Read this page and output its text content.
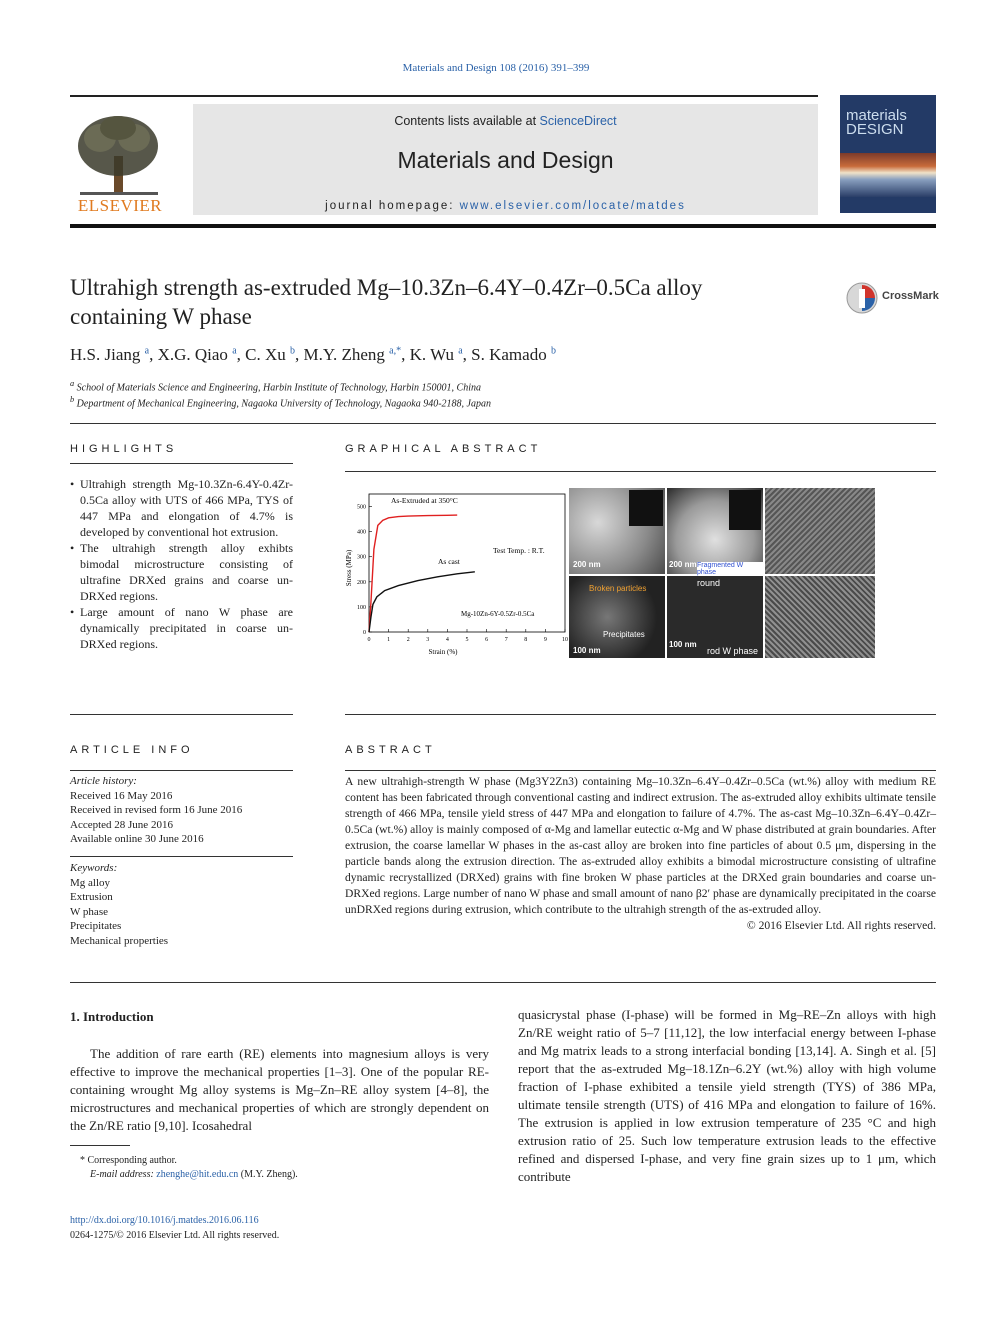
Materials and Design 108 (2016) 391–399
ELSEVIER
Contents lists available at ScienceDirect
Materials and Design
journal homepage: www.elsevier.com/locate/matdes
materials DESIGN
Ultrahigh strength as-extruded Mg–10.3Zn–6.4Y–0.4Zr–0.5Ca alloy containing W phase
CrossMark
H.S. Jiang $^a$, X.G. Qiao $^a$, C. Xu $^b$, M.Y. Zheng $^{a,*}$, K. Wu $^a$, S. Kamado $^b$
$^a$ School of Materials Science and Engineering, Harbin Institute of Technology, Harbin 150001, China
$^b$ Department of Mechanical Engineering, Nagaoka University of Technology, Nagaoka 940-2188, Japan
HIGHLIGHTS

• Ultrahigh strength Mg-10.3Zn-6.4Y-0.4Zr-0.5Ca alloy with UTS of 466 MPa, TYS of 447 MPa and elongation of 4.7% is developed by conventional hot extrusion.

• The ultrahigh strength alloy exhibts bimodal microstructure consisting of ultrafine DRXed grains and coarse un-DRXed regions.

• Large amount of nano W phase are dynamically precipitated in coarse un-DRXed regions.

GRAPHICAL ABSTRACT
0	1	2	3	4	5	6	7	8	9	10
0
100
200
300
400
500
As-Extruded at 350°C
As cast
Test Temp. : R.T.
Mg-10Zn-6Y-0.5Zr-0.5Ca
Strain (%)
Stress (MPa)	200 nm	200 nm Fragmented W phase
Broken particles
Precipitates
100 nm
round
100 nm
rod W phase
ARTICLE INFO
Article history:
Received 16 May 2016
Received in revised form 16 June 2016
Accepted 28 June 2016
Available online 30 June 2016
Keywords:
Mg alloy
Extrusion
W phase
Precipitates
Mechanical properties
ABSTRACT
A new ultrahigh-strength W phase (Mg3Y2Zn3) containing Mg–10.3Zn–6.4Y–0.4Zr–0.5Ca (wt.%) alloy with medium RE content has been fabricated through conventional casting and indirect extrusion. The as-extruded alloy exhibits ultimate tensile strength of 466 MPa, tensile yield stress of 447 MPa and elongation to failure of 4.7%. The as-cast Mg–10.3Zn–6.4Y–0.4Zr–0.5Ca (wt.%) alloy is mainly composed of α-Mg and lamellar eutectic α-Mg and W phase distributed at grain boundaries. After extrusion, the coarse lamellar W phases in the as-cast alloy are broken into fine particles of about 0.5 μm, dispersing in the particle bands along the extrusion direction. The as-extruded alloy exhibits a bimodal microstructure consisting of ultrafine dynamic recrystallized (DRXed) grains with fine broken W phase particles at the DRXed grain boundaries and coarse un-DRXed regions. Large number of nano W phase and small amount of nano β2′ phase are dynamically precipitated in the coarse unDRXed regions during extrusion, which contribute to the ultrahigh strength of the as-extruded alloy.
© 2016 Elsevier Ltd. All rights reserved.
1. Introduction
The addition of rare earth (RE) elements into magnesium alloys is very effective to improve the mechanical properties [1–3]. One of the popular RE-containing wrought Mg alloy systems is Mg–Zn–RE alloy system [4–8], the microstructures and mechanical properties of which are strongly dependent on the Zn/RE ratio [9,10]. Icosahedral
quasicrystal phase (I-phase) will be formed in Mg–RE–Zn alloys with high Zn/RE weight ratio of 5–7 [11,12], the low interfacial energy between I-phase and Mg matrix leads to a strong interfacial bonding [13,14]. A. Singh et al. [5] report that the as-extruded Mg–18.1Zn–6.2Y (wt.%) alloy with high volume fraction of I-phase exhibited a tensile yield strength (TYS) of 386 MPa, ultimate tensile strength (UTS) of 416 MPa and elongation to failure of 16%. The extrusion is applied in low extrusion temperature of 235 °C and high extrusion ratio of 25. Such low temperature extrusion leads to the effective refined and dispersed I-phase, and very fine grain sizes up to 1 μm, which contribute
* Corresponding author.
E-mail address: zhenghe@hit.edu.cn (M.Y. Zheng).
http://dx.doi.org/10.1016/j.matdes.2016.06.116
0264-1275/© 2016 Elsevier Ltd. All rights reserved.
